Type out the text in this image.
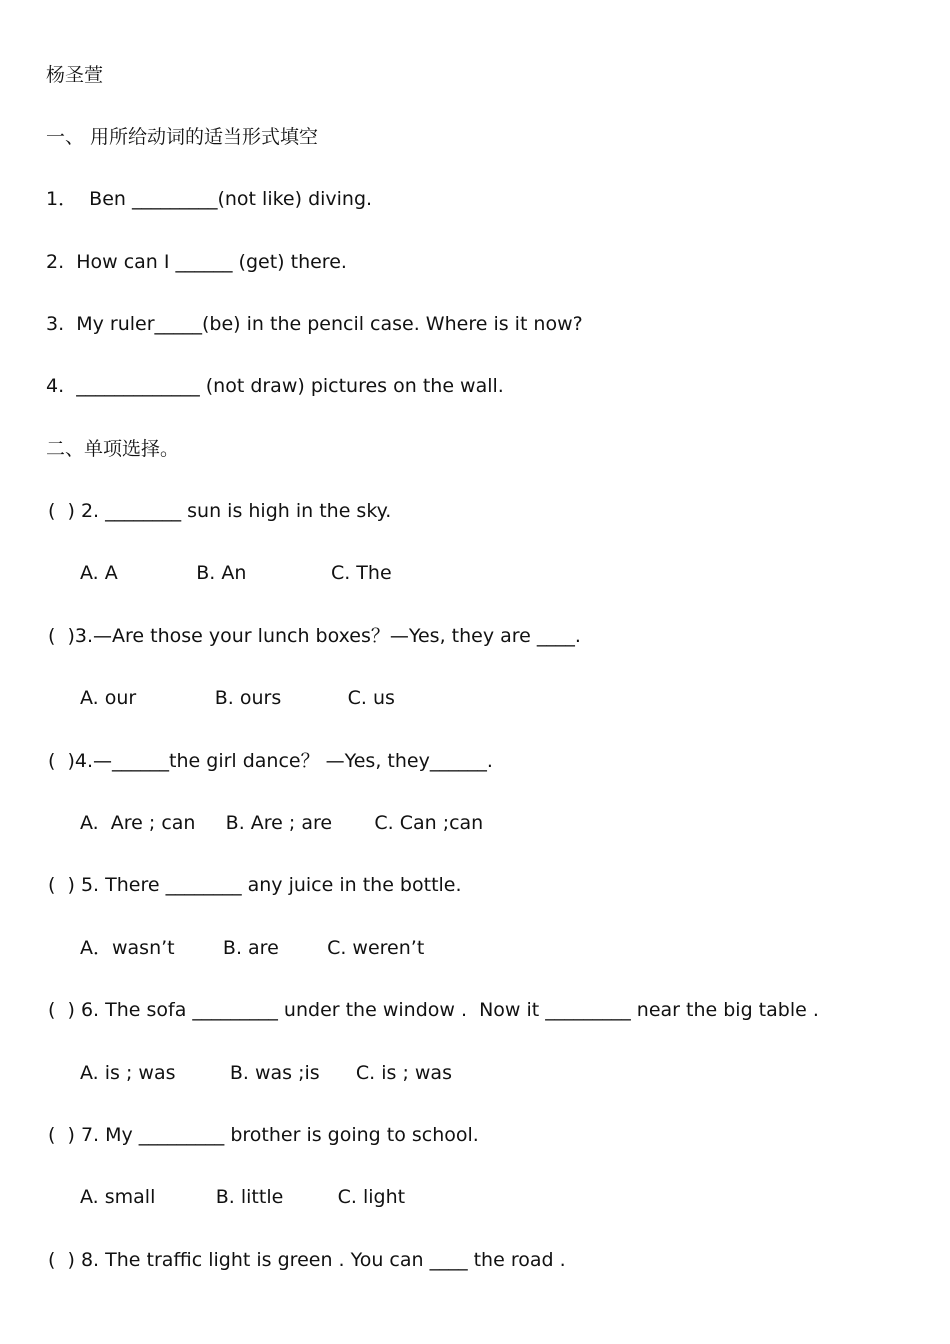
杨圣萱
一、 用所给动词的适当形式填空
1．  Ben _________(not like) diving.
2.  How can I ______ (get) there.
3.  My ruler_____(be) in the pencil case. Where is it now?
4.  _____________ (not draw) pictures on the wall.
二、单项选择。
(  ) 2. ________ sun is high in the sky.
A. A             B. An              C. The
(  )3.—Are those your lunch boxes？—Yes, they are ____.
A. our             B. ours           C. us
(  )4.—______the girl dance？ —Yes, they______.
A.  Are ; can     B. Are ; are       C. Can ;can
(  ) 5. There ________ any juice in the bottle.
A．wasn’t        B. are        C. weren’t
(  ) 6. The sofa _________ under the window .  Now it _________ near the big table .
A. is ; was         B. was ;is      C. is ; was
(  ) 7. My _________ brother is going to school.
A. small          B. little         C. light
(  ) 8. The traffic light is green . You can ____ the road .
